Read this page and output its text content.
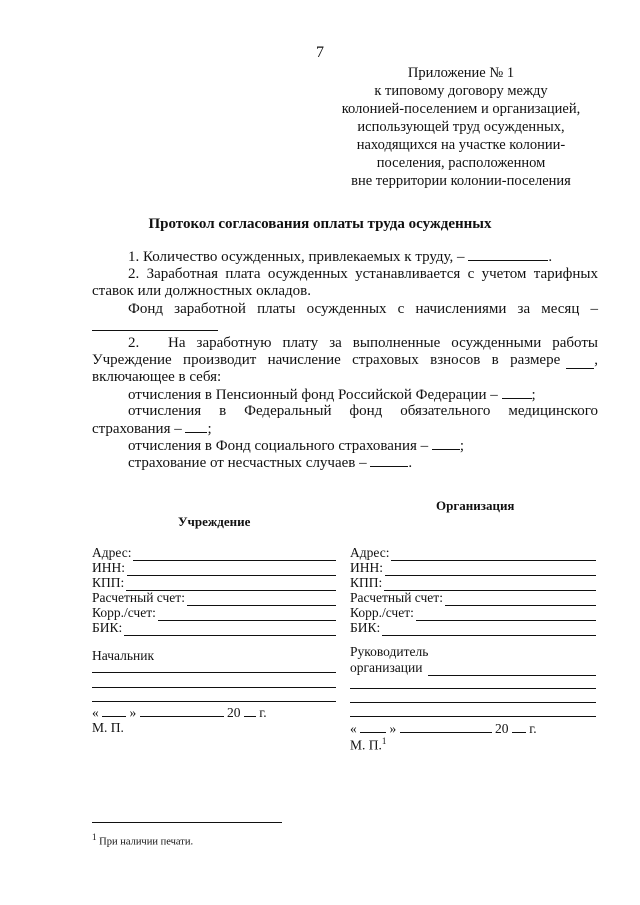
7
Приложение № 1
к типовому договору между
колонией-поселением и организацией,
использующей труд осужденных,
находящихся на участке колонии-
поселения, расположенном
вне территории колонии-поселения
Протокол согласования оплаты труда осужденных
1. Количество осужденных, привлекаемых к труду, –	.
2. Заработная плата осужденных устанавливается с учетом тарифных
ставок или должностных окладов.
Фонд заработной платы осужденных с начислениями за месяц –
2. На заработную плату за выполненные осужденными работы
Учреждение производит начисление страховых взносов в размере ,
включающее в себя:
отчисления в Пенсионный фонд Российской Федерации – ;
отчисления в Федеральный фонд обязательного медицинского
страхования – ;
отчисления в Фонд социального страхования – ;
страхование от несчастных случаев –	.
Организация
Учреждение
Адрес:
ИНН:
КПП:
Расчетный счет:
Корр./счет:
БИК:
Адрес:
ИНН:
КПП:
Расчетный счет:
Корр./счет:
БИК:
Начальник
« »	20 г.
М. П.
Руководитель
организации
« »	20 г.
М. П.$^1$
$^1$ При наличии печати.
